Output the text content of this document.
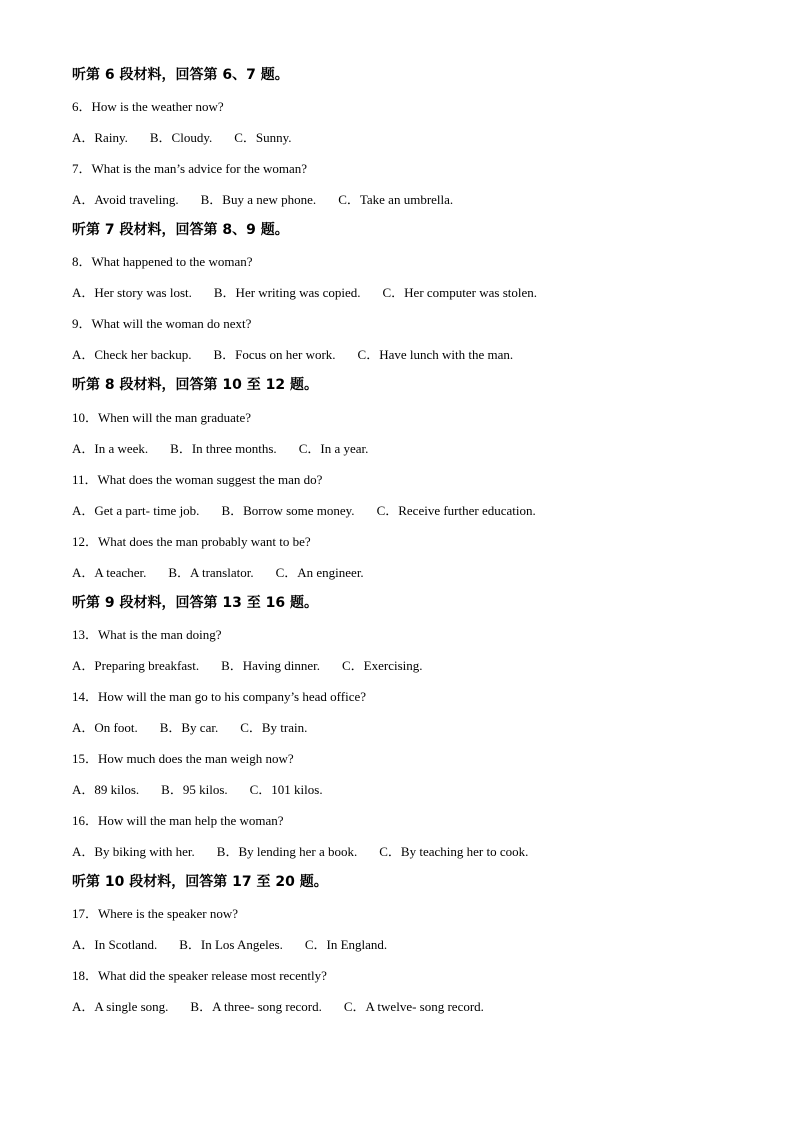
听第 6 段材料，回答第 6、7 题。
6．How is the weather now?
A．Rainy. B．Cloudy. C．Sunny.
7．What is the man’s advice for the woman?
A．Avoid traveling. B．Buy a new phone. C．Take an umbrella.
听第 7 段材料，回答第 8、9 题。
8．What happened to the woman?
A．Her story was lost. B．Her writing was copied. C．Her computer was stolen.
9．What will the woman do next?
A．Check her backup. B．Focus on her work. C．Have lunch with the man.
听第 8 段材料，回答第 10 至 12 题。
10．When will the man graduate?
A．In a week. B．In three months. C．In a year.
11．What does the woman suggest the man do?
A．Get a part- time job. B．Borrow some money. C．Receive further education.
12．What does the man probably want to be?
A．A teacher. B．A translator. C．An engineer.
听第 9 段材料，回答第 13 至 16 题。
13．What is the man doing?
A．Preparing breakfast. B．Having dinner. C．Exercising.
14．How will the man go to his company’s head office?
A．On foot. B．By car. C．By train.
15．How much does the man weigh now?
A．89 kilos. B．95 kilos. C．101 kilos.
16．How will the man help the woman?
A．By biking with her. B．By lending her a book. C．By teaching her to cook.
听第 10 段材料，回答第 17 至 20 题。
17．Where is the speaker now?
A．In Scotland. B．In Los Angeles. C．In England.
18．What did the speaker release most recently?
A．A single song. B．A three- song record. C．A twelve- song record.
